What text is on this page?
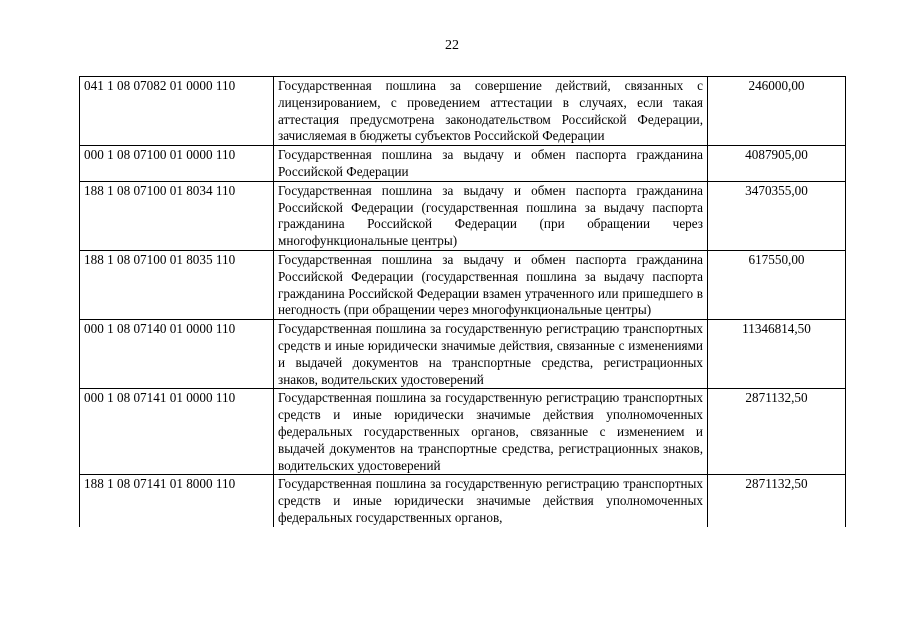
22
041 1 08 07082 01 0000 110	Государственная пошлина за совершение действий, связанных с лицензированием, с проведением аттестации в случаях, если такая аттестация предусмотрена законодательством Российской Федерации, зачисляемая в бюджеты субъектов Российской Федерации	246000,00
000 1 08 07100 01 0000 110	Государственная пошлина за выдачу и обмен паспорта гражданина Российской Федерации	4087905,00
188 1 08 07100 01 8034 110	Государственная пошлина за выдачу и обмен паспорта гражданина Российской Федерации (государственная пошлина за выдачу паспорта гражданина Российской Федерации (при обращении через многофункциональные центры)	3470355,00
188 1 08 07100 01 8035 110	Государственная пошлина за выдачу и обмен паспорта гражданина Российской Федерации (государственная пошлина за выдачу паспорта гражданина Российской Федерации взамен утраченного или пришедшего в негодность (при обращении через многофункциональные центры)	617550,00
000 1 08 07140 01 0000 110	Государственная пошлина за государственную регистрацию транспортных средств и иные юридически значимые действия, связанные с изменениями и выдачей документов на транспортные средства, регистрационных знаков, водительских удостоверений	11346814,50
000 1 08 07141 01 0000 110	Государственная пошлина за государственную регистрацию транспортных средств и иные юридически значимые действия уполномоченных федеральных государственных органов, связанные с изменением и выдачей документов на транспортные средства, регистрационных знаков, водительских удостоверений	2871132,50
188 1 08 07141 01 8000 110	Государственная пошлина за государственную регистрацию транспортных средств и иные юридически значимые действия уполномоченных федеральных государственных органов,	2871132,50
